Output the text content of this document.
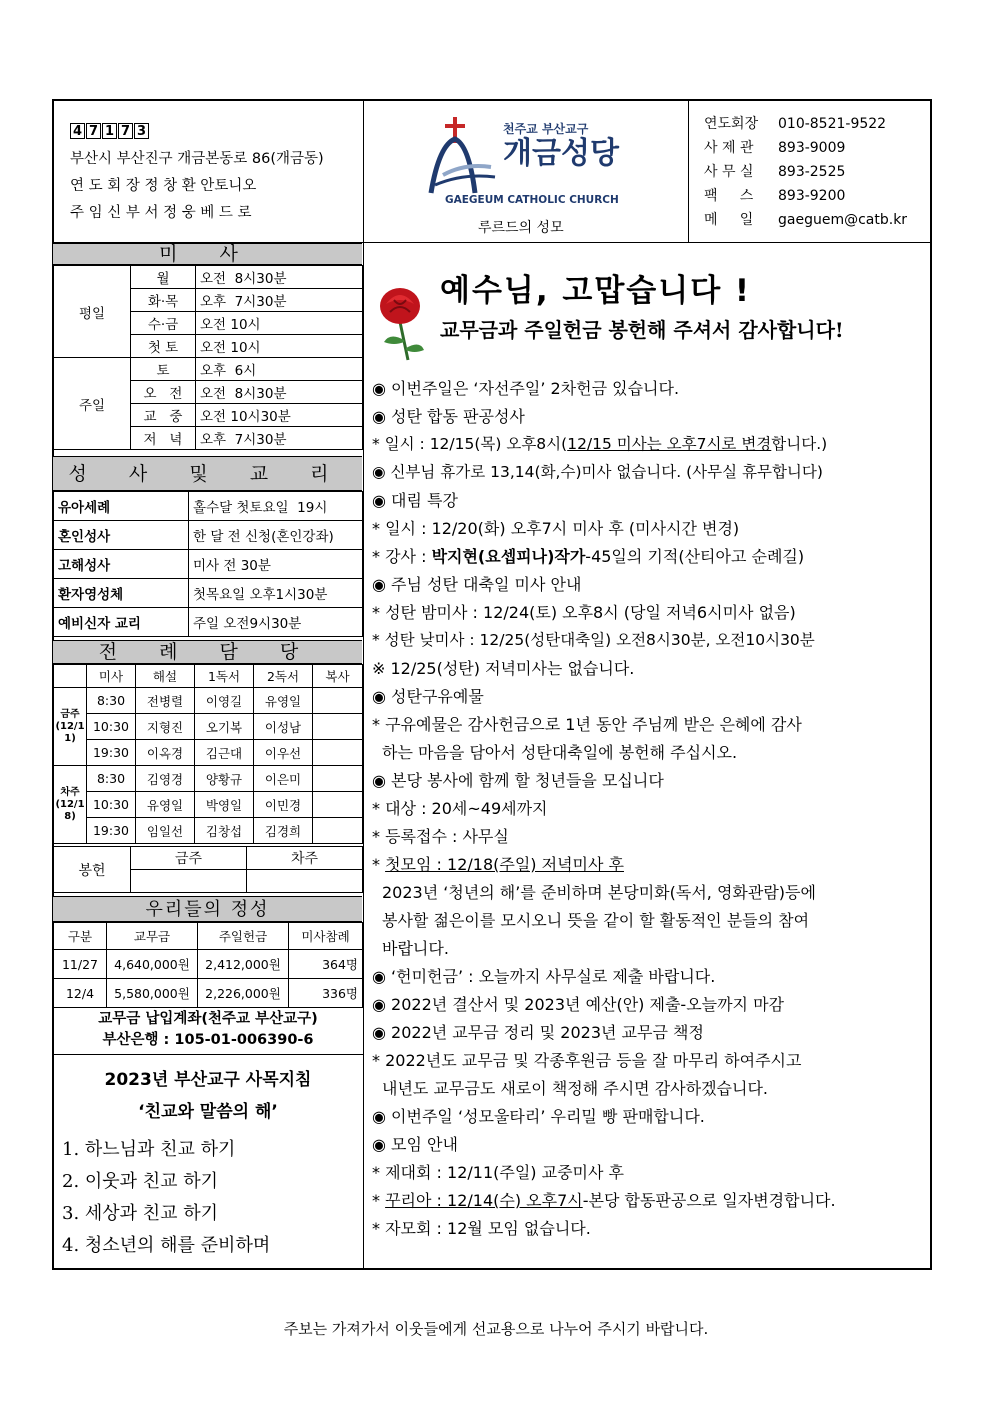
4 7 1 7 3
부산시 부산진구 개금본동로 86(개금동)
연 도 회 장 정 창 환 안토니오
주 임 신 부 서 정 웅 베 드 로
천주교 부산교구
개금성당
GAEGEUM CATHOLIC CHURCH
루르드의 성모
연도회장 010-8521-9522
사 제 관 893-9009
사 무 실 893-2525
팩     스 893-9200
메     일 gaeguem@catb.kr
미 사
평일	월	오전  8시30분
	화·목	오후  7시30분
	수·금	오전 10시
	첫 토	오전 10시
주일	토	오후  6시
	오   전	오전  8시30분
	교   중	오전 10시30분
	저   녁	오후  7시30분
성 사 및 교 리
유아세례	홀수달 첫토요일  19시
혼인성사	한 달 전 신청(혼인강좌)
고해성사	미사 전 30분
환자영성체	첫목요일 오후1시30분
예비신자 교리	주일 오전9시30분
전 례 담 당
	미사	해설	1독서	2독서	복사
금주(12/11)	8:30	전병렬	이영길	유영일	
	10:30	지형진	오기복	이성남	
	19:30	이옥경	김근대	이우선	
차주(12/18)	8:30	김영경	양황규	이은미	
	10:30	유영일	박영일	이민경	
	19:30	임일선	김창섭	김경희	
봉헌	금주	차주

우리들의 정성
구분	교무금	주일헌금	미사참례
11/27	4,640,000원	2,412,000원	364명
12/4	5,580,000원	2,226,000원	336명
교무금 납입계좌(천주교 부산교구)
부산은행 : 105-01-006390-6
2023년 부산교구 사목지침
‘친교와 말씀의 해’
1. 하느님과 친교 하기
2. 이웃과 친교 하기
3. 세상과 친교 하기
4. 청소년의 해를 준비하며
예수님, 고맙습니다 !
교무금과 주일헌금 봉헌해 주셔서 감사합니다!
◉ 이번주일은 ‘자선주일’ 2차헌금 있습니다.
◉ 성탄 합동 판공성사
* 일시 : 12/15(목) 오후8시(12/15 미사는 오후7시로 변경합니다.)
◉ 신부님 휴가로 13,14(화,수)미사 없습니다. (사무실 휴무합니다)
◉ 대림 특강
* 일시 : 12/20(화) 오후7시 미사 후 (미사시간 변경)
* 강사 : 박지현(요셉피나)작가-45일의 기적(산티아고 순례길)
◉ 주님 성탄 대축일 미사 안내
* 성탄 밤미사 : 12/24(토) 오후8시 (당일 저녁6시미사 없음)
* 성탄 낮미사 : 12/25(성탄대축일) 오전8시30분, 오전10시30분
※ 12/25(성탄) 저녁미사는 없습니다.
◉ 성탄구유예물
* 구유예물은 감사헌금으로 1년 동안 주님께 받은 은혜에 감사
하는 마음을 담아서 성탄대축일에 봉헌해 주십시오.
◉ 본당 봉사에 함께 할 청년들을 모십니다
* 대상 : 20세~49세까지
* 등록접수 : 사무실
* 첫모임 : 12/18(주일) 저녁미사 후
2023년 ‘청년의 해’를 준비하며 본당미화(독서, 영화관람)등에
봉사할 젊은이를 모시오니 뜻을 같이 할 활동적인 분들의 참여
바랍니다.
◉ ‘헌미헌금’ : 오늘까지 사무실로 제출 바랍니다.
◉ 2022년 결산서 및 2023년 예산(안) 제출-오늘까지 마감
◉ 2022년 교무금 정리 및 2023년 교무금 책정
* 2022년도 교무금 및 각종후원금 등을 잘 마무리 하여주시고
내년도 교무금도 새로이 책정해 주시면 감사하겠습니다.
◉ 이번주일 ‘성모울타리’ 우리밀 빵 판매합니다.
◉ 모임 안내
* 제대회 : 12/11(주일) 교중미사 후
* 꾸리아 : 12/14(수) 오후7시-본당 합동판공으로 일자변경합니다.
* 자모회 : 12월 모임 없습니다.
주보는 가져가서 이웃들에게 선교용으로 나누어 주시기 바랍니다.
